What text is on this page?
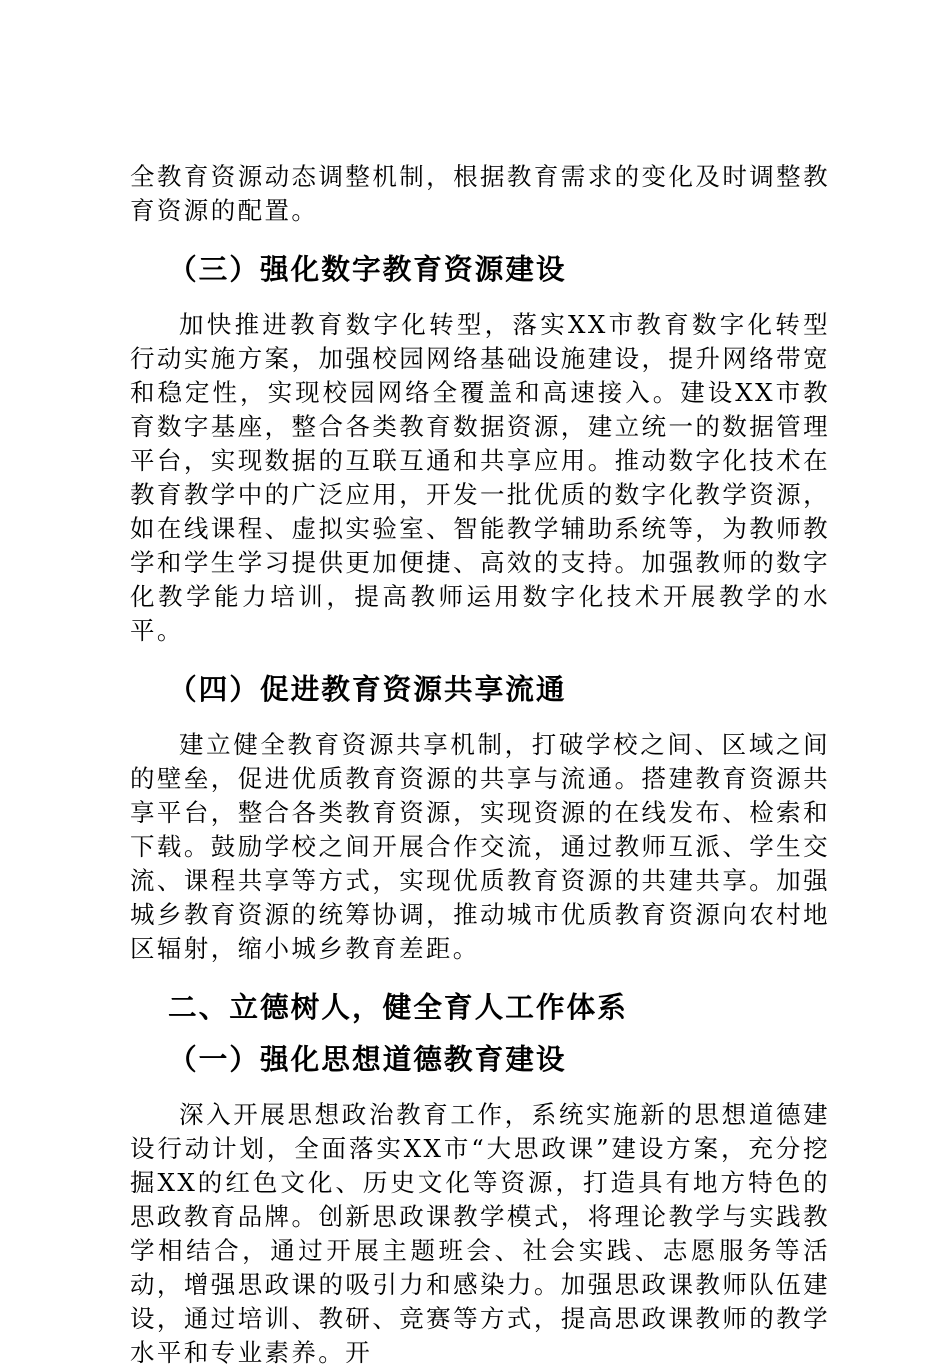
全教育资源动态调整机制，根据教育需求的变化及时调整教育资源的配置。

（三）强化数字教育资源建设

加快推进教育数字化转型，落实XX市教育数字化转型行动实施方案，加强校园网络基础设施建设，提升网络带宽和稳定性，实现校园网络全覆盖和高速接入。建设XX市教育数字基座，整合各类教育数据资源，建立统一的数据管理平台，实现数据的互联互通和共享应用。推动数字化技术在教育教学中的广泛应用，开发一批优质的数字化教学资源，如在线课程、虚拟实验室、智能教学辅助系统等，为教师教学和学生学习提供更加便捷、高效的支持。加强教师的数字化教学能力培训，提高教师运用数字化技术开展教学的水平。

（四）促进教育资源共享流通

建立健全教育资源共享机制，打破学校之间、区域之间的壁垒，促进优质教育资源的共享与流通。搭建教育资源共享平台，整合各类教育资源，实现资源的在线发布、检索和下载。鼓励学校之间开展合作交流，通过教师互派、学生交流、课程共享等方式，实现优质教育资源的共建共享。加强城乡教育资源的统筹协调，推动城市优质教育资源向农村地区辐射，缩小城乡教育差距。

二、立德树人，健全育人工作体系
（一）强化思想道德教育建设

深入开展思想政治教育工作，系统实施新的思想道德建设行动计划，全面落实XX市“大思政课”建设方案，充分挖掘XX的红色文化、历史文化等资源，打造具有地方特色的思政教育品牌。创新思政课教学模式，将理论教学与实践教学相结合，通过开展主题班会、社会实践、志愿服务等活动，增强思政课的吸引力和感染力。加强思政课教师队伍建设，通过培训、教研、竞赛等方式，提高思政课教师的教学水平和专业素养。开
